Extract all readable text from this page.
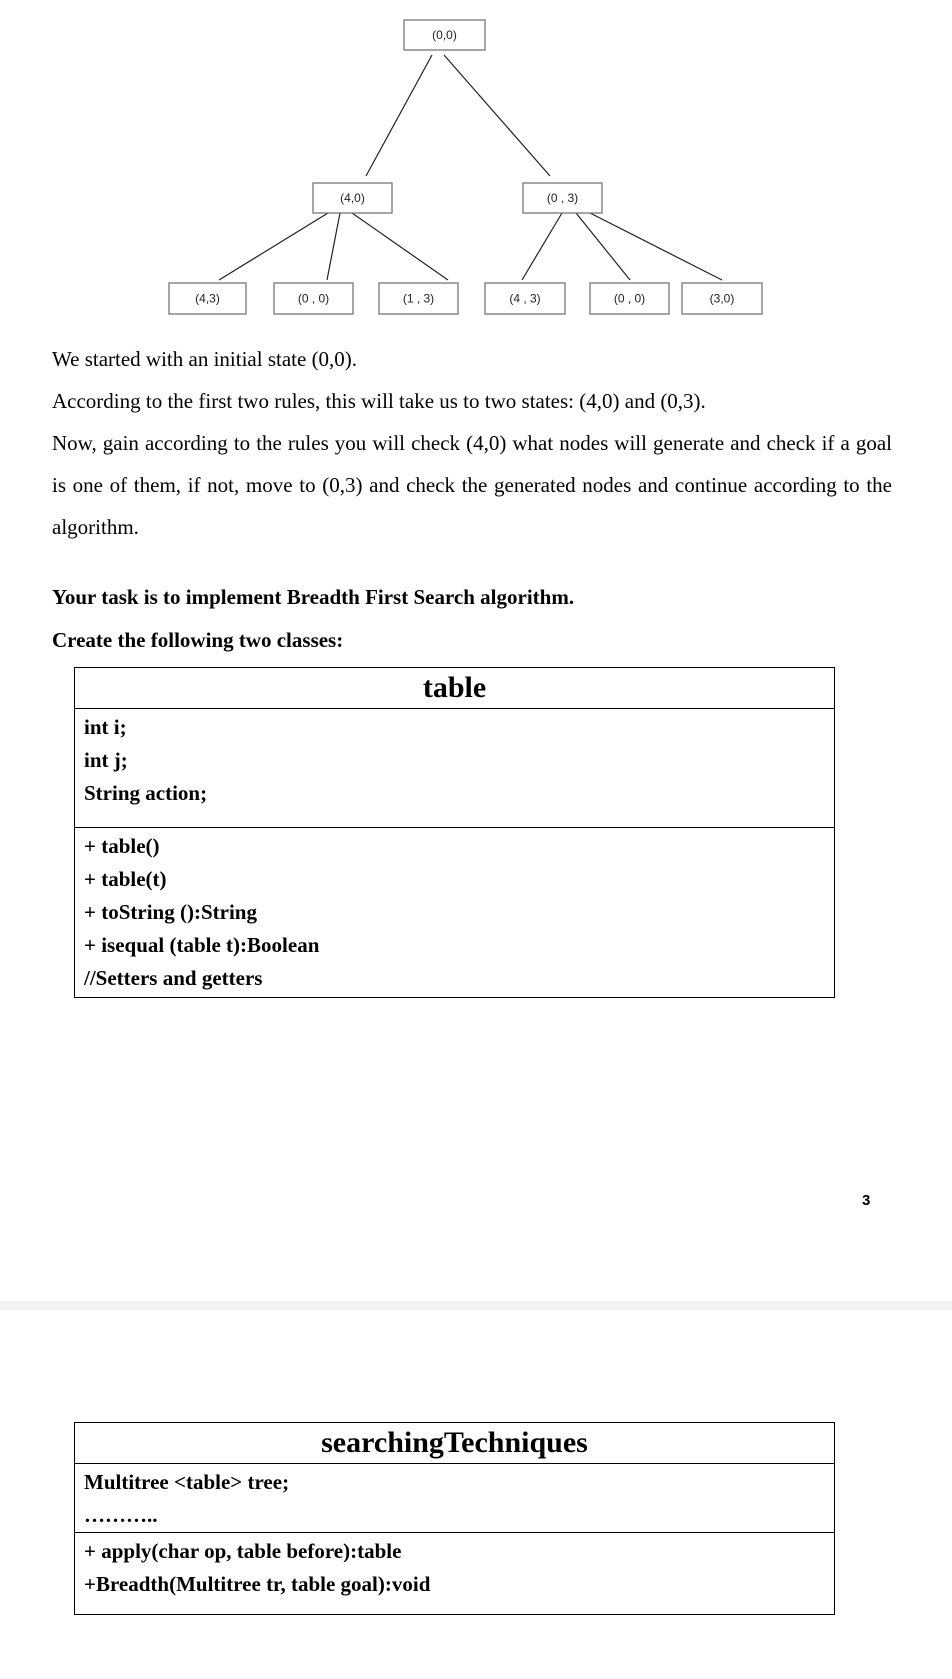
(0,0)
(4,0)	(0 , 3)
(4,3)	(0 , 0)	(1 , 3)	(4 , 3)	(0 , 0)	(3,0)

We started with an initial state (0,0).

According to the first two rules, this will take us to two states: (4,0) and (0,3).

Now, gain according to the rules you will check (4,0) what nodes will generate and check if a goal is one of them, if not, move to (0,3) and check the generated nodes and continue according to the algorithm.

Your task is to implement Breadth First Search algorithm.

Create the following two classes:

table
int i;
int j;
String action;
+ table()
+ table(t)
+ toString ():String
+ isequal (table t):Boolean
//Setters and getters
3
searchingTechniques
Multitree <table> tree;
………..
+ apply(char op, table before):table
+Breadth(Multitree tr, table goal):void
